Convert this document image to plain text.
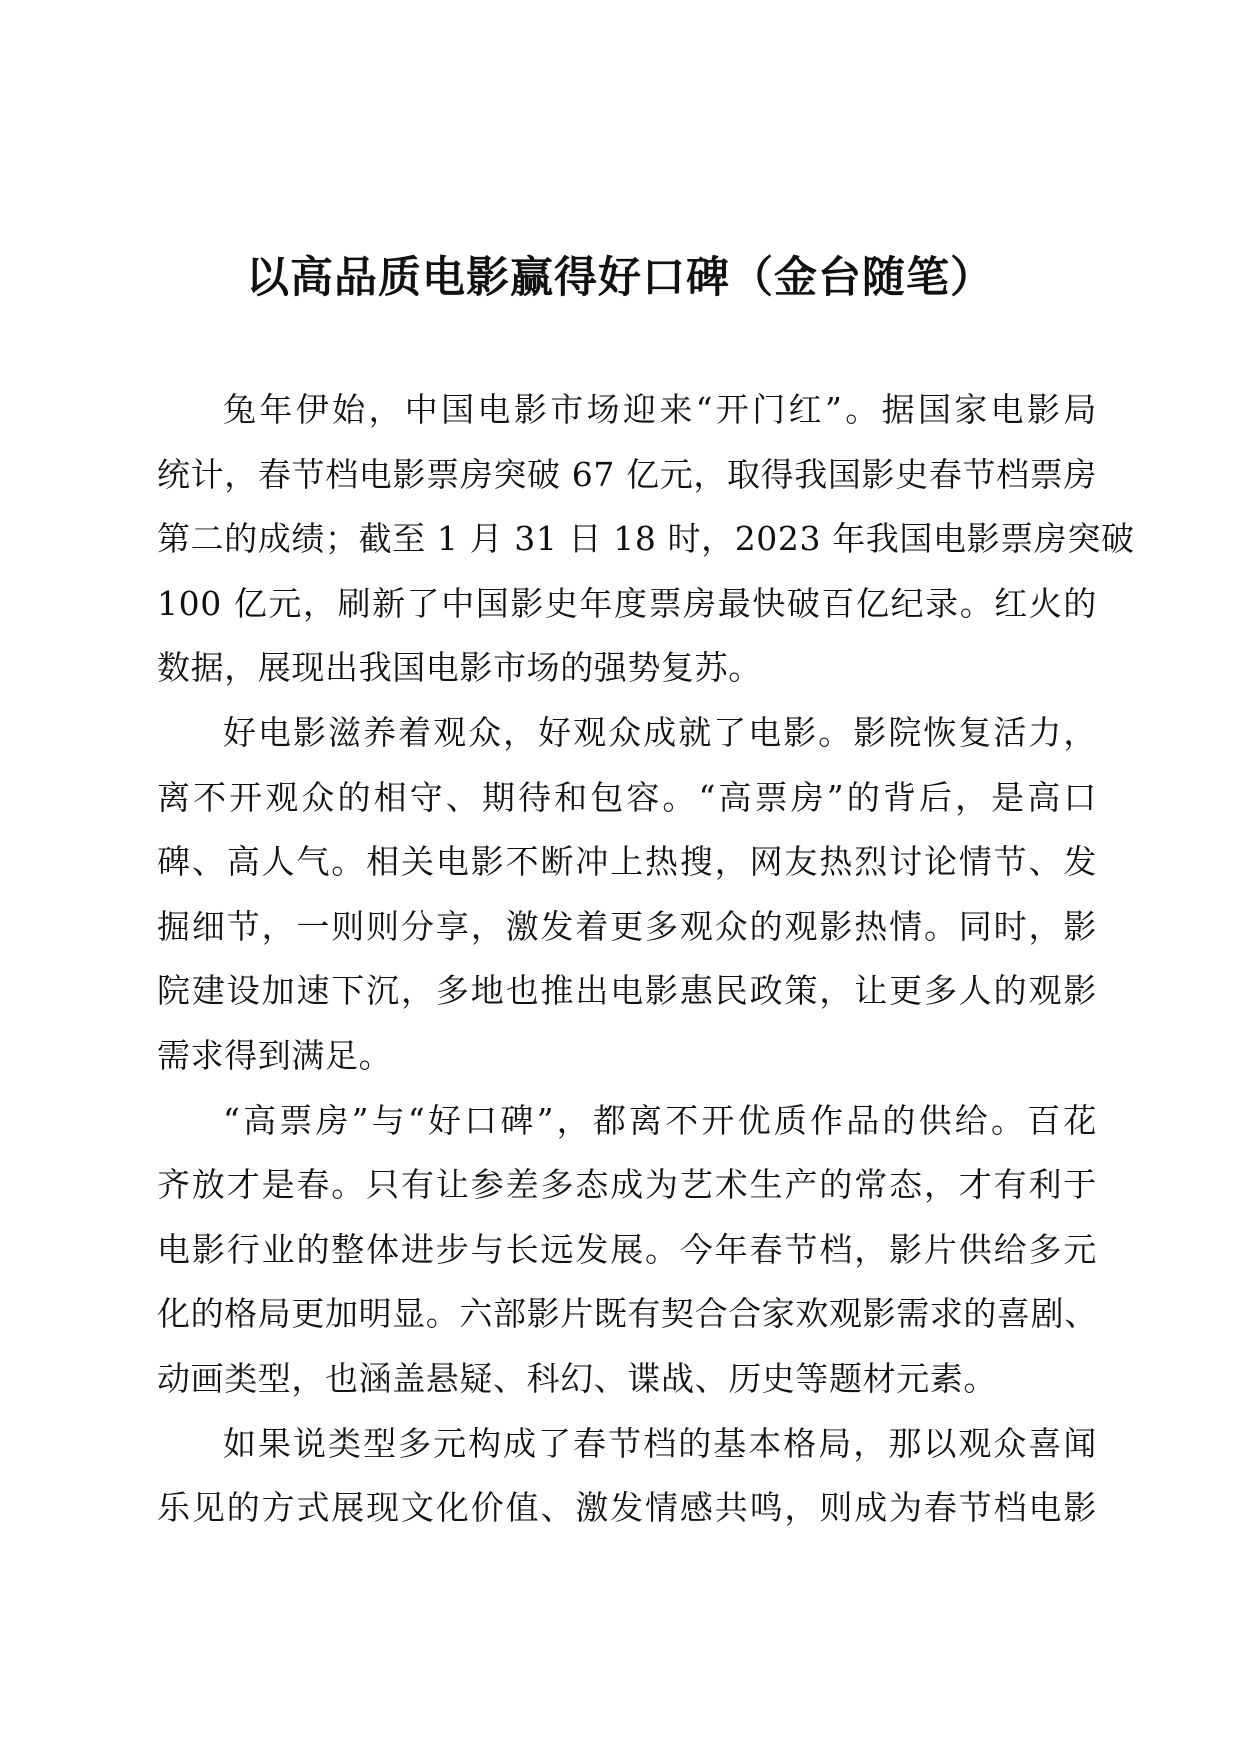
以高品质电影赢得好口碑（金台随笔）
兔年伊始，中国电影市场迎来“开门红”。据国家电影局
统计，春节档电影票房突破 67 亿元，取得我国影史春节档票房
第二的成绩；截至 1 月 31 日 18 时，2023 年我国电影票房突破
100 亿元，刷新了中国影史年度票房最快破百亿纪录。红火的
数据，展现出我国电影市场的强势复苏。
好电影滋养着观众，好观众成就了电影。影院恢复活力，
离不开观众的相守、期待和包容。“高票房”的背后，是高口
碑、高人气。相关电影不断冲上热搜，网友热烈讨论情节、发
掘细节，一则则分享，激发着更多观众的观影热情。同时，影
院建设加速下沉，多地也推出电影惠民政策，让更多人的观影
需求得到满足。
“高票房”与“好口碑”，都离不开优质作品的供给。百花
齐放才是春。只有让参差多态成为艺术生产的常态，才有利于
电影行业的整体进步与长远发展。今年春节档，影片供给多元
化的格局更加明显。六部影片既有契合合家欢观影需求的喜剧、
动画类型，也涵盖悬疑、科幻、谍战、历史等题材元素。
如果说类型多元构成了春节档的基本格局，那以观众喜闻
乐见的方式展现文化价值、激发情感共鸣，则成为春节档电影
